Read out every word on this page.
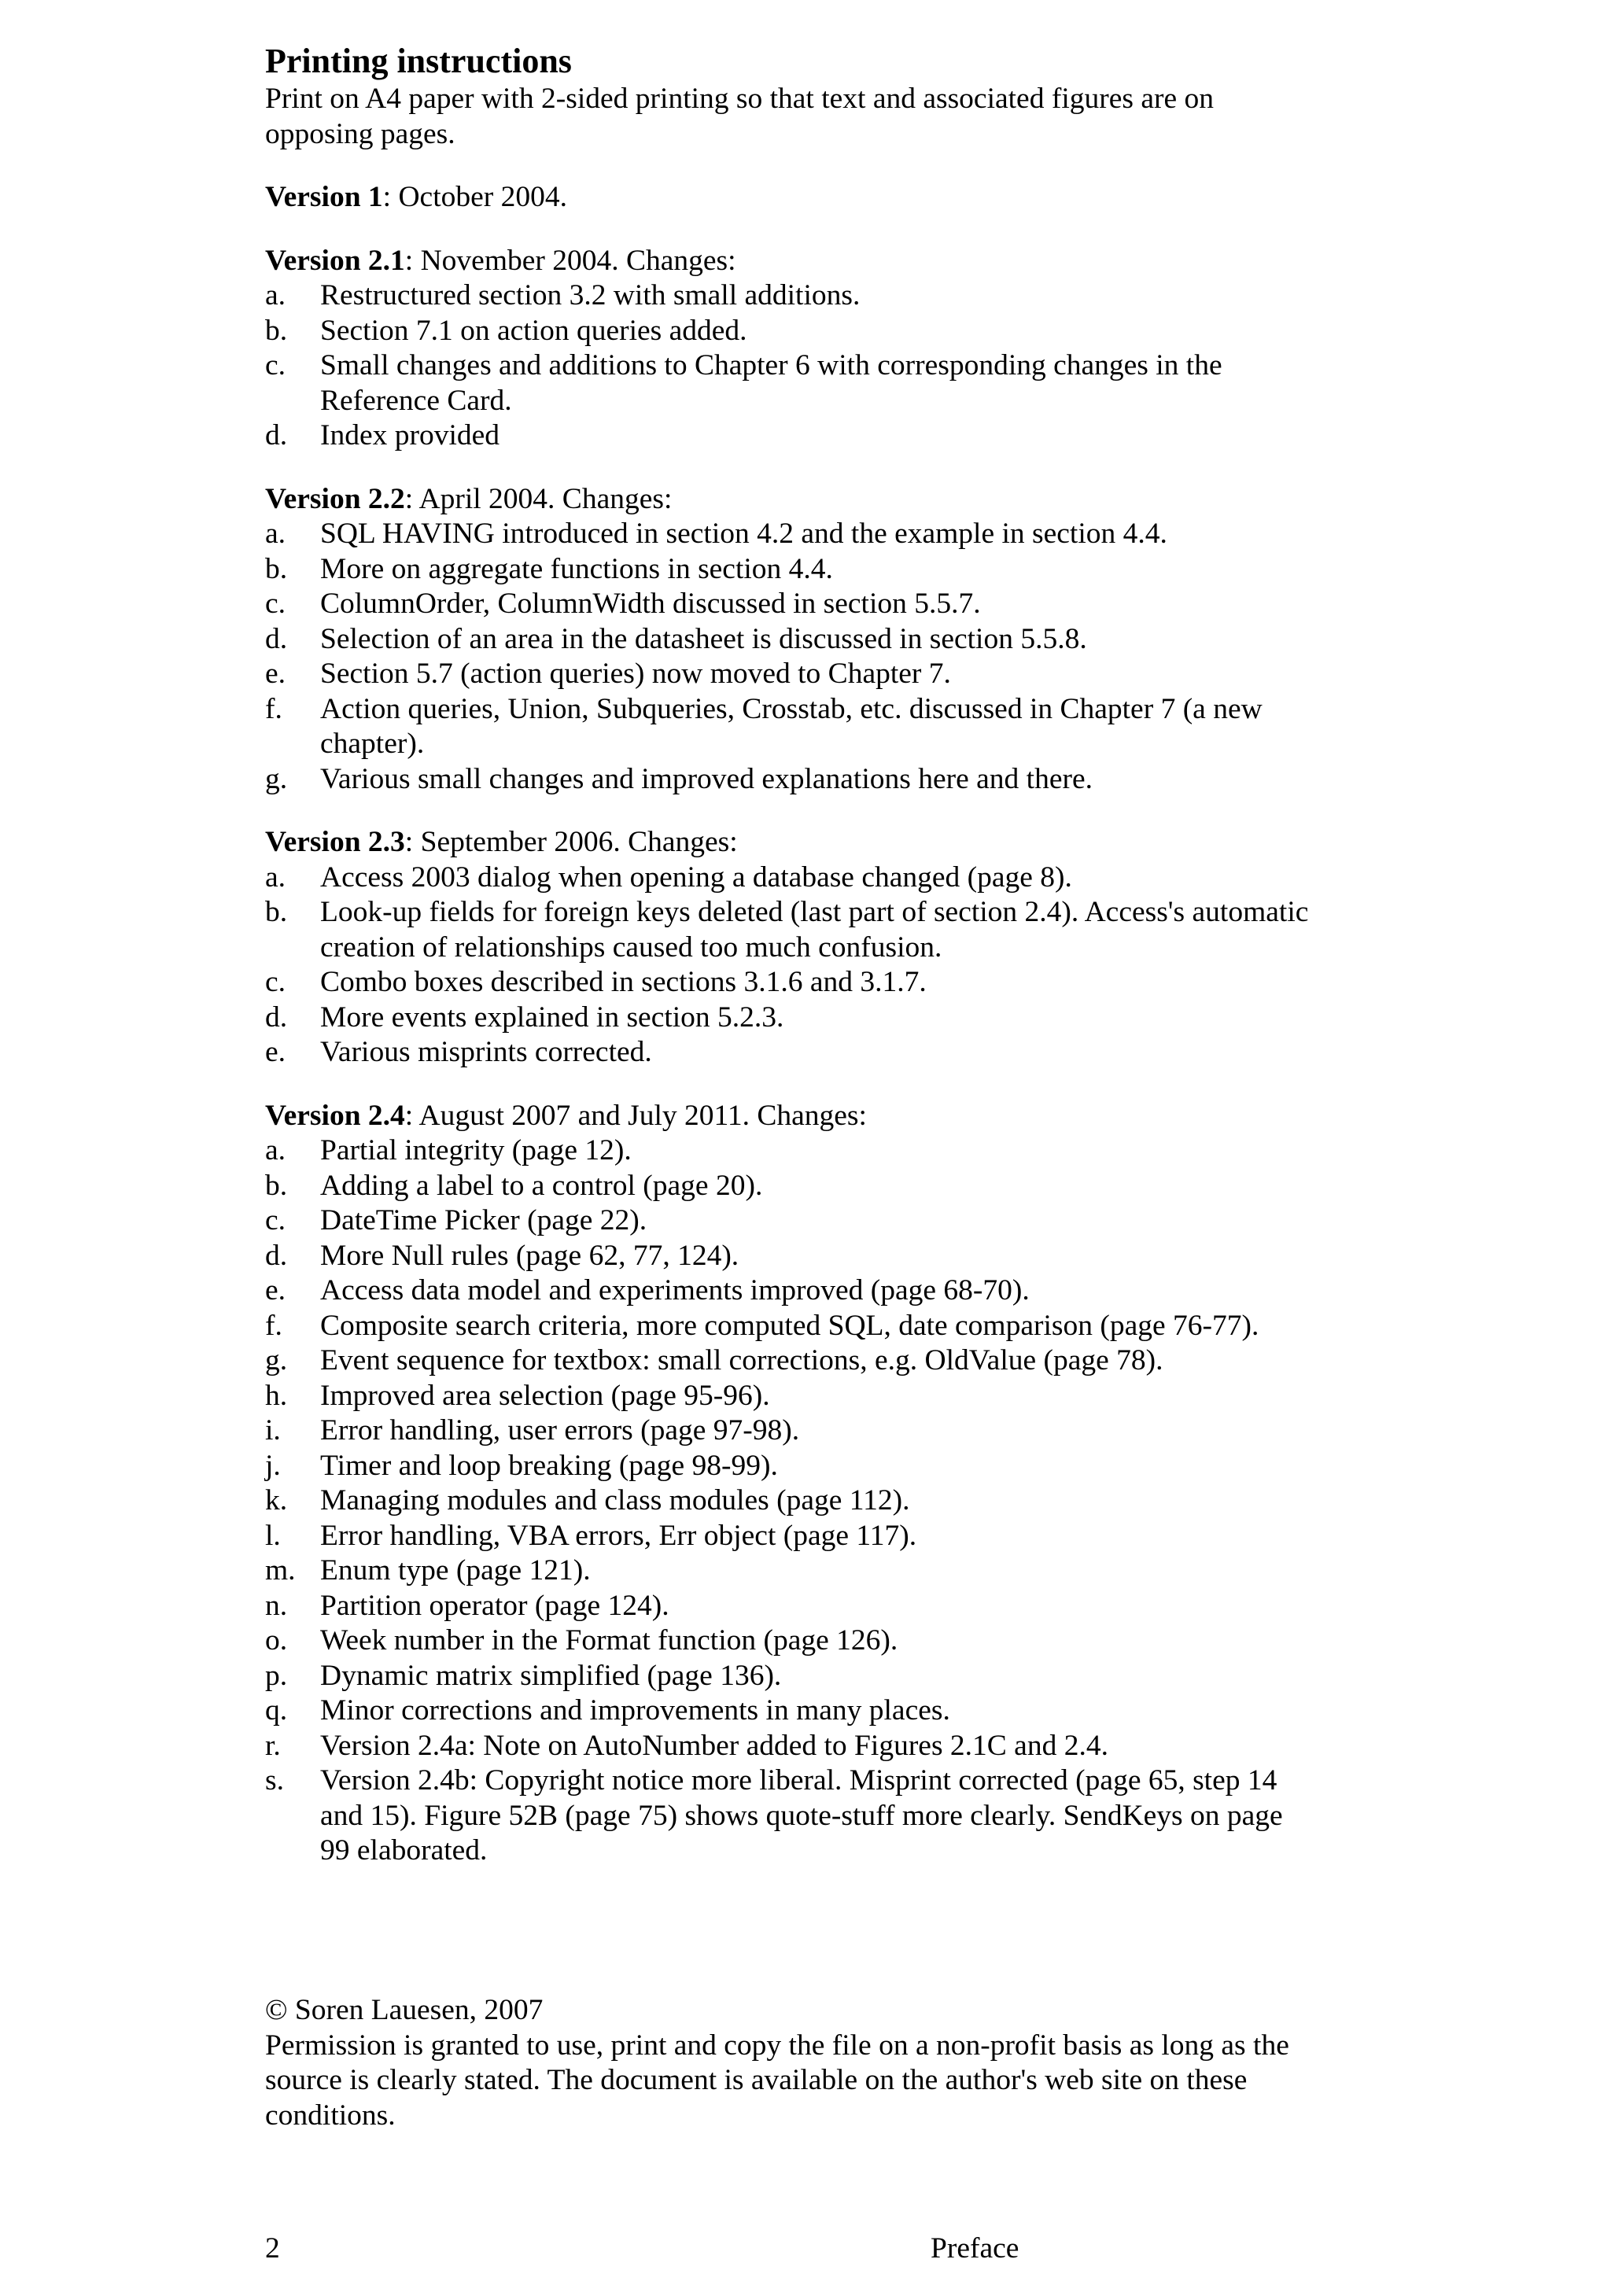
Printing instructions

Print on A4 paper with 2-sided printing so that text and associated figures are on opposing pages.

Version 1: October 2004.

Version 2.1: November 2004. Changes:

a.	Restructured section 3.2 with small additions.
b.	Section 7.1 on action queries added.
c.	Small changes and additions to Chapter 6 with corresponding changes in the Reference Card.
d.	Index provided

Version 2.2: April 2004. Changes:

a.	SQL HAVING introduced in section 4.2 and the example in section 4.4.
b.	More on aggregate functions in section 4.4.
c.	ColumnOrder, ColumnWidth discussed in section 5.5.7.
d.	Selection of an area in the datasheet is discussed in section 5.5.8.
e.	Section 5.7 (action queries) now moved to Chapter 7.
f.	Action queries, Union, Subqueries, Crosstab, etc. discussed in Chapter 7 (a new chapter).
g.	Various small changes and improved explanations here and there.

Version 2.3: September 2006. Changes:

a.	Access 2003 dialog when opening a database changed (page 8).
b.	Look-up fields for foreign keys deleted (last part of section 2.4). Access's automatic creation of relationships caused too much confusion.
c.	Combo boxes described in sections 3.1.6 and 3.1.7.
d.	More events explained in section 5.2.3.
e.	Various misprints corrected.

Version 2.4: August 2007 and July 2011. Changes:

a.	Partial integrity (page 12).
b.	Adding a label to a control (page 20).
c.	DateTime Picker (page 22).
d.	More Null rules (page 62, 77, 124).
e.	Access data model and experiments improved (page 68-70).
f.	Composite search criteria, more computed SQL, date comparison (page 76-77).
g.	Event sequence for textbox: small corrections, e.g. OldValue (page 78).
h.	Improved area selection (page 95-96).
i.	Error handling, user errors (page 97-98).
j.	Timer and loop breaking (page 98-99).
k.	Managing modules and class modules (page 112).
l.	Error handling, VBA errors, Err object (page 117).
m. Enum type (page 121).
n.	Partition operator (page 124).
o.	Week number in the Format function (page 126).
p.	Dynamic matrix simplified (page 136).
q.	Minor corrections and improvements in many places.
r.	Version 2.4a: Note on AutoNumber added to Figures 2.1C and 2.4.
s.	Version 2.4b: Copyright notice more liberal. Misprint corrected (page 65, step 14 and 15). Figure 52B (page 75) shows quote-stuff more clearly. SendKeys on page 99 elaborated.

© Soren Lauesen, 2007

Permission is granted to use, print and copy the file on a non-profit basis as long as the source is clearly stated. The document is available on the author's web site on these conditions.

2	Preface
